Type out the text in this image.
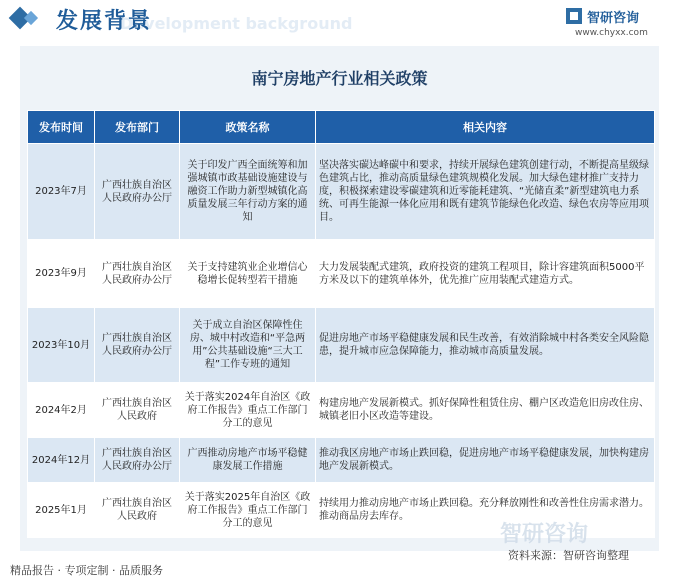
Development background
发展背景	智研咨询
www.chyxx.com
南宁房地产行业相关政策
发布时间	发布部门	政策名称	相关内容
2023年7月	广西壮族自治区人民政府办公厅	关于印发广西全面统筹和加强城镇市政基础设施建设与融资工作助力新型城镇化高质量发展三年行动方案的通知	坚决落实碳达峰碳中和要求，持续开展绿色建筑创建行动，不断提高星级绿色建筑占比，推动高质量绿色建筑规模化发展。加大绿色建材推广支持力度，积极探索建设零碳建筑和近零能耗建筑、“光储直柔”新型建筑电力系统、可再生能源一体化应用和既有建筑节能绿色化改造、绿色农房等应用项目。
2023年9月	广西壮族自治区人民政府办公厅	关于支持建筑业企业增信心稳增长促转型若干措施	大力发展装配式建筑，政府投资的建筑工程项目，除计容建筑面积5000平方米及以下的建筑单体外，优先推广应用装配式建造方式。
2023年10月	广西壮族自治区人民政府办公厅	关于成立自治区保障性住房、城中村改造和“平急两用”公共基础设施“三大工程”工作专班的通知	促进房地产市场平稳健康发展和民生改善，有效消除城中村各类安全风险隐患，提升城市应急保障能力，推动城市高质量发展。
2024年2月	广西壮族自治区人民政府	关于落实2024年自治区《政府工作报告》重点工作部门分工的意见	构建房地产发展新模式。抓好保障性租赁住房、棚户区改造危旧房改住房、城镇老旧小区改造等建设。
2024年12月	广西壮族自治区人民政府办公厅	广西推动房地产市场平稳健康发展工作措施	推动我区房地产市场止跌回稳，促进房地产市场平稳健康发展，加快构建房地产发展新模式。
2025年1月	广西壮族自治区人民政府	关于落实2025年自治区《政府工作报告》重点工作部门分工的意见	持续用力推动房地产市场止跌回稳。充分释放刚性和改善性住房需求潜力。推动商品房去库存。
智研咨询
资料来源：智研咨询整理
精品报告 · 专项定制 · 品质服务
